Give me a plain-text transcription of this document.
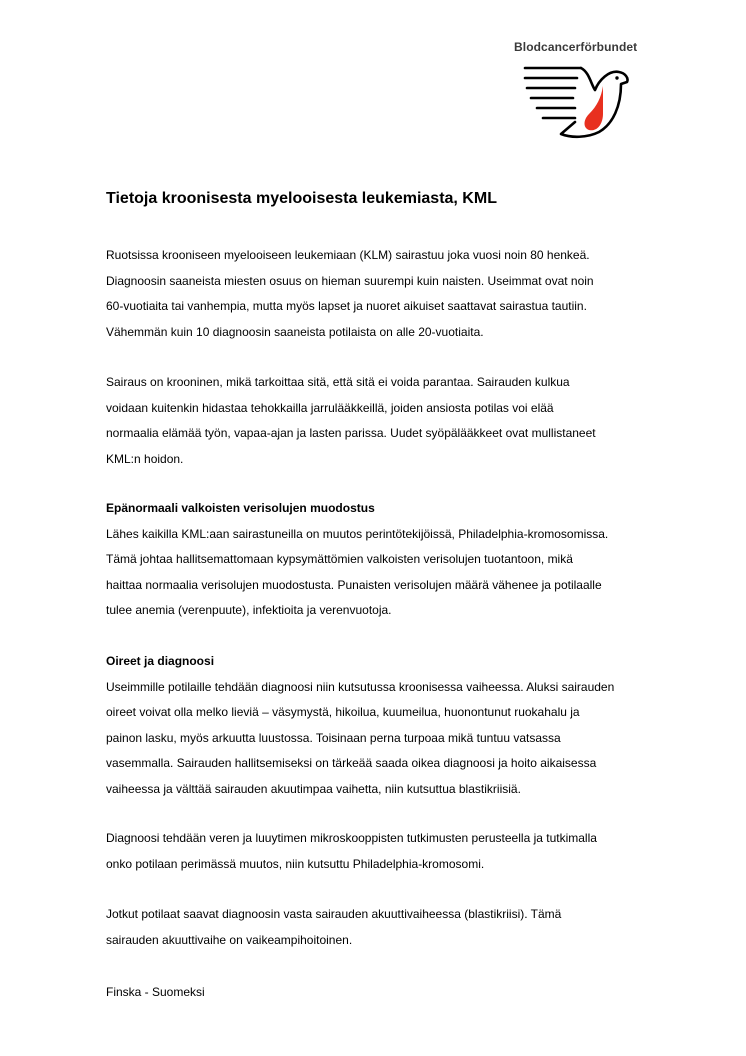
Blodcancerförbundet
Tietoja kroonisesta myelooisesta leukemiasta, KML

Ruotsissa krooniseen myelooiseen leukemiaan (KLM) sairastuu joka vuosi noin 80 henkeä.
Diagnoosin saaneista miesten osuus on hieman suurempi kuin naisten. Useimmat ovat noin
60-vuotiaita tai vanhempia, mutta myös lapset ja nuoret aikuiset saattavat sairastua tautiin.
Vähemmän kuin 10 diagnoosin saaneista potilaista on alle 20-vuotiaita.

Sairaus on krooninen, mikä tarkoittaa sitä, että sitä ei voida parantaa. Sairauden kulkua
voidaan kuitenkin hidastaa tehokkailla jarrulääkkeillä, joiden ansiosta potilas voi elää
normaalia elämää työn, vapaa-ajan ja lasten parissa. Uudet syöpälääkkeet ovat mullistaneet
KML:n hoidon.

Epänormaali valkoisten verisolujen muodostus

Lähes kaikilla KML:aan sairastuneilla on muutos perintötekijöissä, Philadelphia-kromosomissa.
Tämä johtaa hallitsemattomaan kypsymättömien valkoisten verisolujen tuotantoon, mikä
haittaa normaalia verisolujen muodostusta. Punaisten verisolujen määrä vähenee ja potilaalle
tulee anemia (verenpuute), infektioita ja verenvuotoja.

Oireet ja diagnoosi

Useimmille potilaille tehdään diagnoosi niin kutsutussa kroonisessa vaiheessa. Aluksi sairauden
oireet voivat olla melko lieviä – väsymystä, hikoilua, kuumeilua, huonontunut ruokahalu ja
painon lasku, myös arkuutta luustossa. Toisinaan perna turpoaa mikä tuntuu vatsassa
vasemmalla. Sairauden hallitsemiseksi on tärkeää saada oikea diagnoosi ja hoito aikaisessa
vaiheessa ja välttää sairauden akuutimpaa vaihetta, niin kutsuttua blastikriisiä.

Diagnoosi tehdään veren ja luuytimen mikroskooppisten tutkimusten perusteella ja tutkimalla
onko potilaan perimässä muutos, niin kutsuttu Philadelphia-kromosomi.

Jotkut potilaat saavat diagnoosin vasta sairauden akuuttivaiheessa (blastikriisi). Tämä
sairauden akuuttivaihe on vaikeampihoitoinen.

Finska - Suomeksi
